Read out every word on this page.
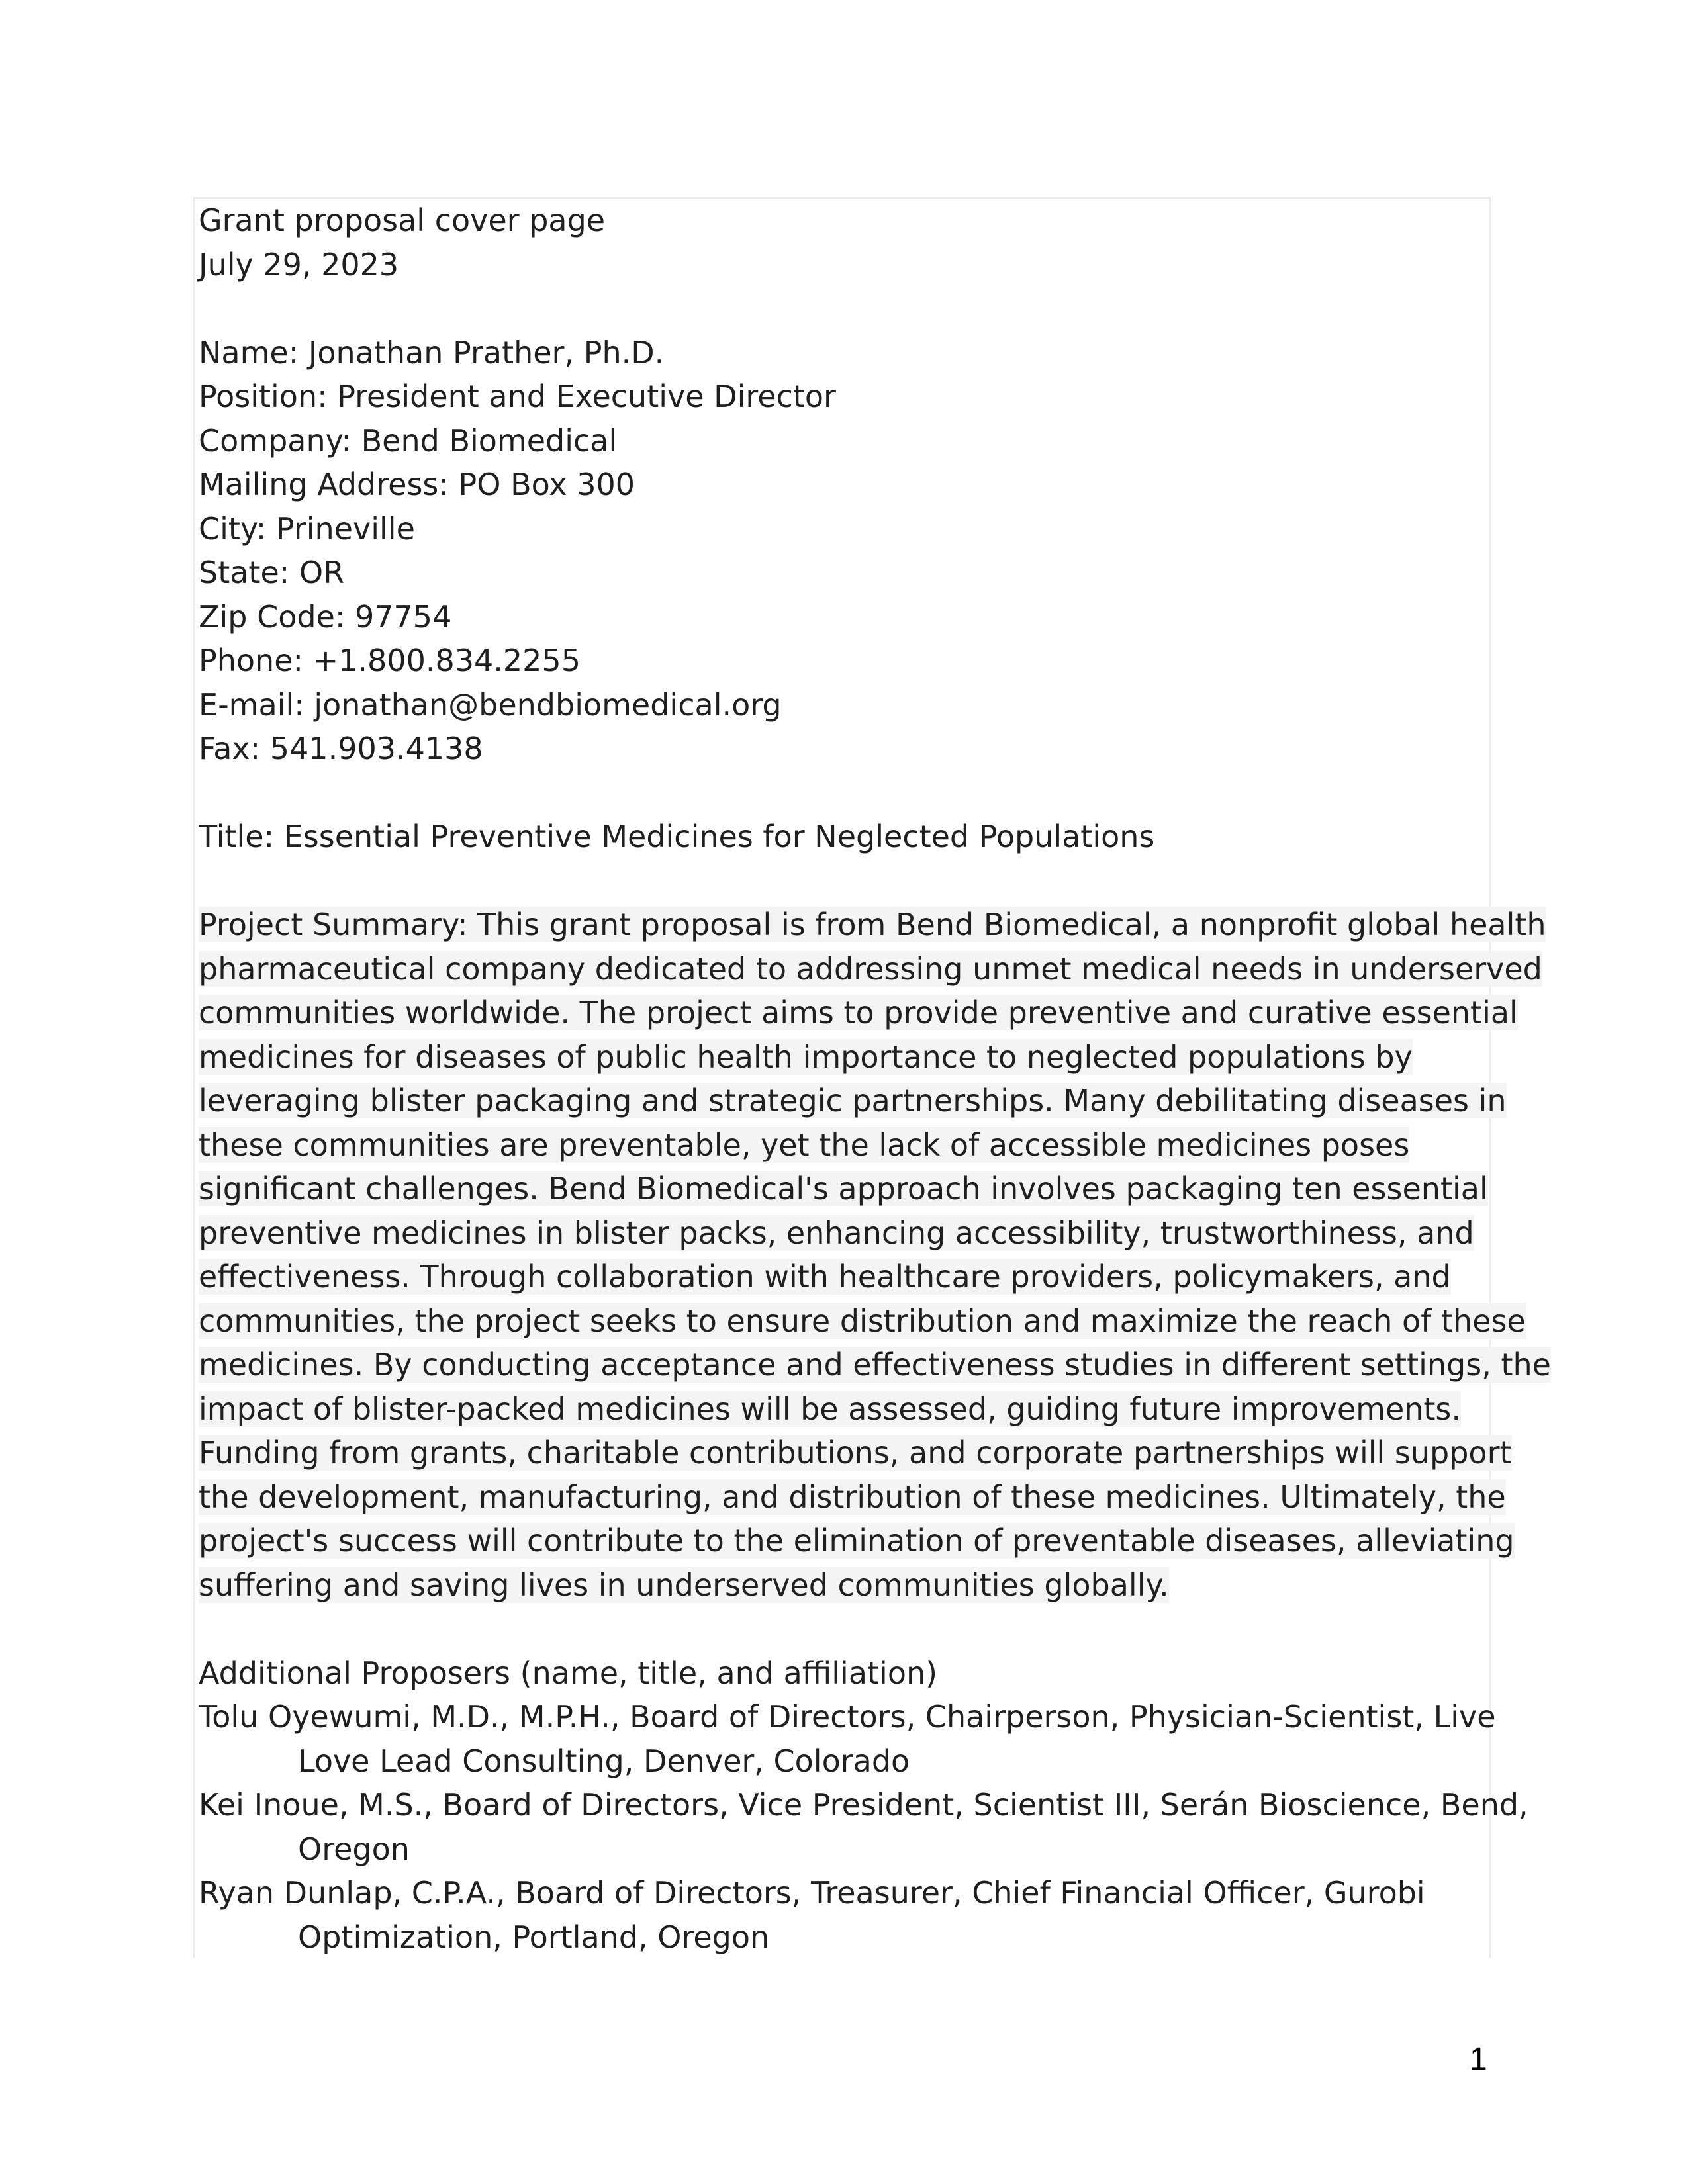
Grant proposal cover page
July 29, 2023
Name: Jonathan Prather, Ph.D.
Position: President and Executive Director
Company: Bend Biomedical
Mailing Address: PO Box 300
City: Prineville
State: OR
Zip Code: 97754
Phone: +1.800.834.2255
E-mail: jonathan@bendbiomedical.org
Fax: 541.903.4138
Title: Essential Preventive Medicines for Neglected Populations
Project Summary: This grant proposal is from Bend Biomedical, a nonprofit global health
pharmaceutical company dedicated to addressing unmet medical needs in underserved
communities worldwide. The project aims to provide preventive and curative essential
medicines for diseases of public health importance to neglected populations by
leveraging blister packaging and strategic partnerships. Many debilitating diseases in
these communities are preventable, yet the lack of accessible medicines poses
significant challenges. Bend Biomedical's approach involves packaging ten essential
preventive medicines in blister packs, enhancing accessibility, trustworthiness, and
effectiveness. Through collaboration with healthcare providers, policymakers, and
communities, the project seeks to ensure distribution and maximize the reach of these
medicines. By conducting acceptance and effectiveness studies in different settings, the
impact of blister-packed medicines will be assessed, guiding future improvements.
Funding from grants, charitable contributions, and corporate partnerships will support
the development, manufacturing, and distribution of these medicines. Ultimately, the
project's success will contribute to the elimination of preventable diseases, alleviating
suffering and saving lives in underserved communities globally.
Additional Proposers (name, title, and affiliation)
Tolu Oyewumi, M.D., M.P.H., Board of Directors, Chairperson, Physician-Scientist, Live
Love Lead Consulting, Denver, Colorado
Kei Inoue, M.S., Board of Directors, Vice President, Scientist III, Serán Bioscience, Bend,
Oregon
Ryan Dunlap, C.P.A., Board of Directors, Treasurer, Chief Financial Officer, Gurobi
Optimization, Portland, Oregon
1
